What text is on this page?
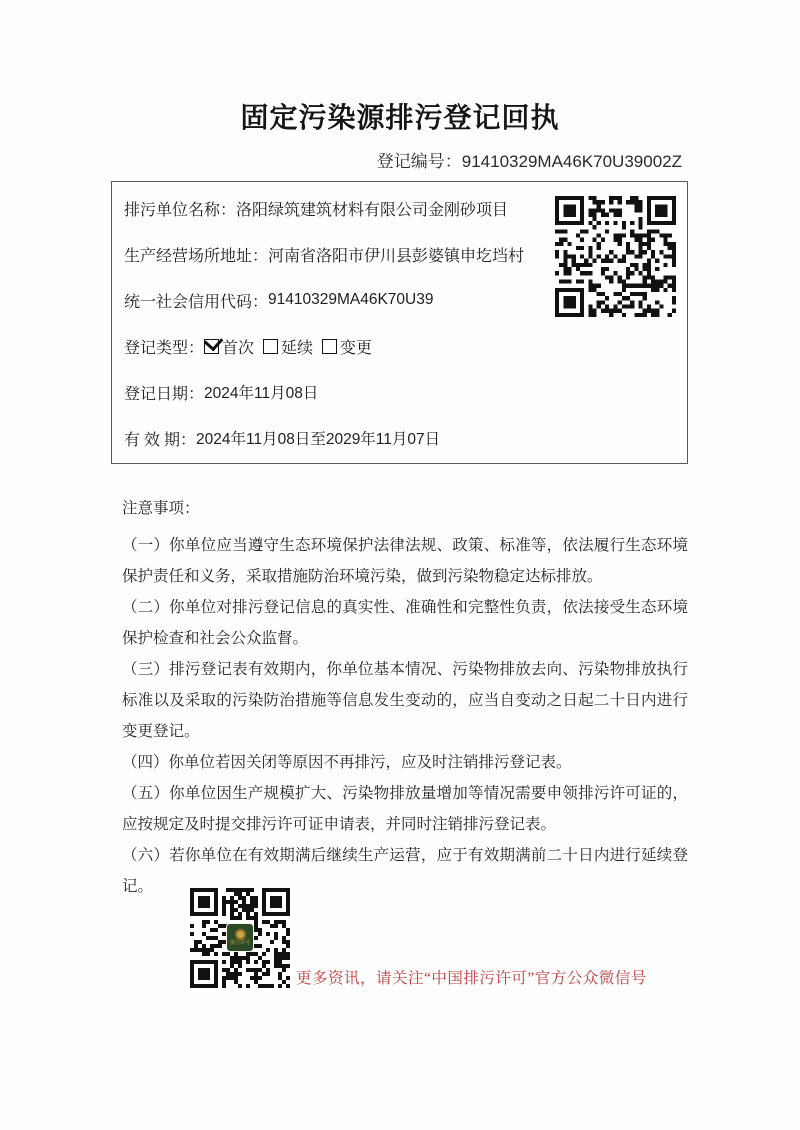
固定污染源排污登记回执
登记编号：91410329MA46K70U39002Z
排污单位名称： 洛阳绿筑建筑材料有限公司金刚砂项目
生产经营场所地址： 河南省洛阳市伊川县彭婆镇申圪垱村
统一社会信用代码： 91410329MA46K70U39
登记类型： 首次 延续 变更
登记日期： 2024年11月08日
有 效 期： 2024年11月08日至2029年11月07日

注意事项：

（一）你单位应当遵守生态环境保护法律法规、政策、标准等，依法履行生态环境保护责任和义务，采取措施防治环境污染，做到污染物稳定达标排放。

（二）你单位对排污登记信息的真实性、准确性和完整性负责，依法接受生态环境保护检查和社会公众监督。

（三）排污登记表有效期内，你单位基本情况、污染物排放去向、污染物排放执行标准以及采取的污染防治措施等信息发生变动的，应当自变动之日起二十日内进行变更登记。

（四）你单位若因关闭等原因不再排污，应及时注销排污登记表。

（五）你单位因生产规模扩大、污染物排放量增加等情况需要申领排污许可证的，应按规定及时提交排污许可证申请表，并同时注销排污登记表。

（六）若你单位在有效期满后继续生产运营，应于有效期满前二十日内进行延续登记。

排污许可
更多资讯，请关注“中国排污许可”官方公众微信号
